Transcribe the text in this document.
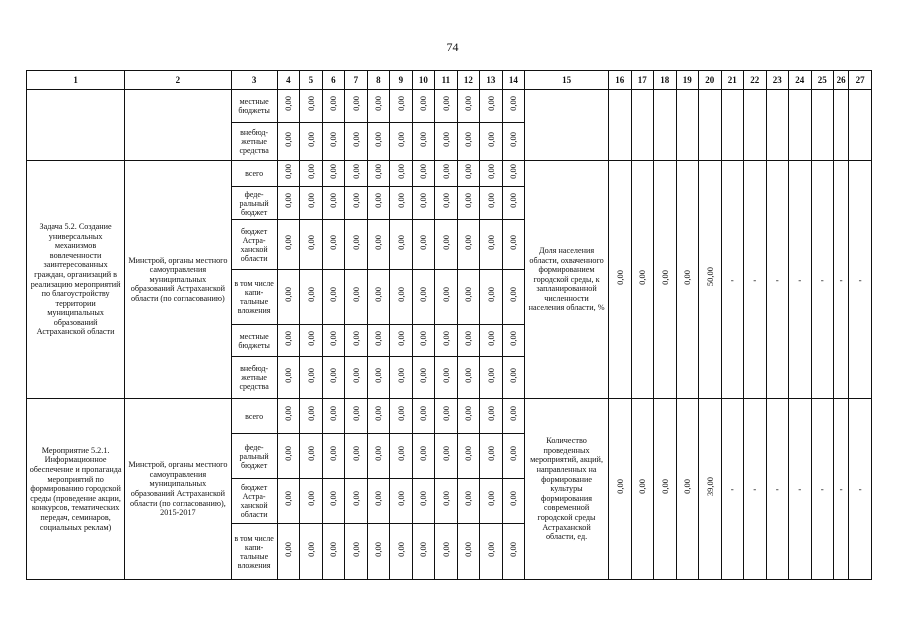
74
1	2	3	4	5	6	7	8	9	10	11	12	13	14	15	16	17	18	19	20	21	22	23	24	25	26	27
		местные бюджеты	0,00	0,00	0,00	0,00	0,00	0,00	0,00	0,00	0,00	0,00	0,00													
		внебюд-жетные средства	0,00	0,00	0,00	0,00	0,00	0,00	0,00	0,00	0,00	0,00	0,00													
Задача 5.2. Создание универсальных механизмов вовлеченности заинтересованных граждан, организаций в реализацию мероприятий по благоустройству территории муниципальных образований Астраханской области	Минстрой, органы местного самоуправления муниципальных образований Астраханской области (по согласованию)	всего	0,00	0,00	0,00	0,00	0,00	0,00	0,00	0,00	0,00	0,00	0,00	Доля населения области, охваченного формированием городской среды, к запланированной численности населения области, %	0,00	0,00	0,00	0,00	50,00	-	-	-	-	-	-	-
		феде-ральный бюджет	0,00	0,00	0,00	0,00	0,00	0,00	0,00	0,00	0,00	0,00	0,00													
		бюджет Астра-ханской области	0,00	0,00	0,00	0,00	0,00	0,00	0,00	0,00	0,00	0,00	0,00													
		в том числе капи-тальные вложения	0,00	0,00	0,00	0,00	0,00	0,00	0,00	0,00	0,00	0,00	0,00													
		местные бюджеты	0,00	0,00	0,00	0,00	0,00	0,00	0,00	0,00	0,00	0,00	0,00													
		внебюд-жетные средства	0,00	0,00	0,00	0,00	0,00	0,00	0,00	0,00	0,00	0,00	0,00													
Мероприятие 5.2.1. Информационное обеспечение и пропаганда мероприятий по формированию городской среды (проведение акции, конкурсов, тематических передач, семинаров, социальных реклам)	Минстрой, органы местного самоуправления муниципальных образований Астраханской области (по согласованию), 2015-2017	всего	0,00	0,00	0,00	0,00	0,00	0,00	0,00	0,00	0,00	0,00	0,00	Количество проведенных мероприятий, акций, направленных на формирование культуры формирования современной городской среды Астраханской области, ед.	0,00	0,00	0,00	0,00	39,00	-	-	-	-	-	-	-
		феде-ральный бюджет	0,00	0,00	0,00	0,00	0,00	0,00	0,00	0,00	0,00	0,00	0,00													
		бюджет Астра-ханской области	0,00	0,00	0,00	0,00	0,00	0,00	0,00	0,00	0,00	0,00	0,00													
		в том числе капи-тальные вложения	0,00	0,00	0,00	0,00	0,00	0,00	0,00	0,00	0,00	0,00	0,00													
